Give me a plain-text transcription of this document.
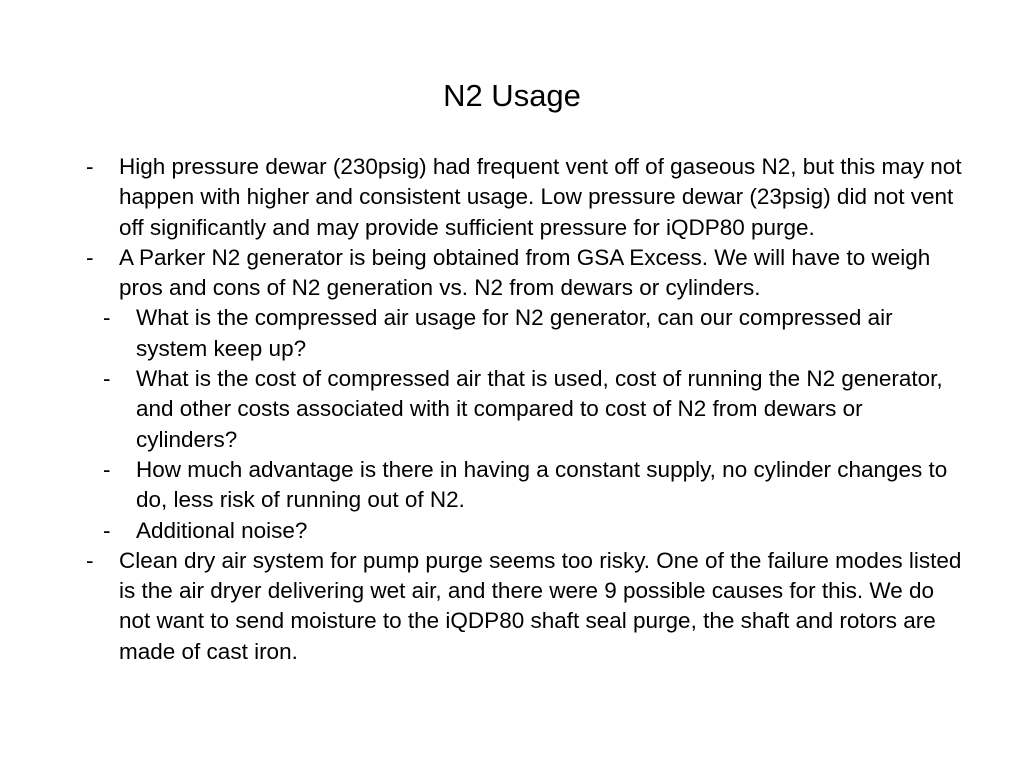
N2 Usage
- High pressure dewar (230psig) had frequent vent off of gaseous N2, but this may not happen with higher and consistent usage. Low pressure dewar (23psig) did not vent off significantly and may provide sufficient pressure for iQDP80 purge.
- A Parker N2 generator is being obtained from GSA Excess. We will have to weigh pros and cons of N2 generation vs. N2 from dewars or cylinders.
- What is the compressed air usage for N2 generator, can our compressed air system keep up?
- What is the cost of compressed air that is used, cost of running the N2 generator, and other costs associated with it compared to cost of N2 from dewars or cylinders?
- How much advantage is there in having a constant supply, no cylinder changes to do, less risk of running out of N2.
- Additional noise?
- Clean dry air system for pump purge seems too risky. One of the failure modes listed is the air dryer delivering wet air, and there were 9 possible causes for this. We do not want to send moisture to the iQDP80 shaft seal purge, the shaft and rotors are made of cast iron.
